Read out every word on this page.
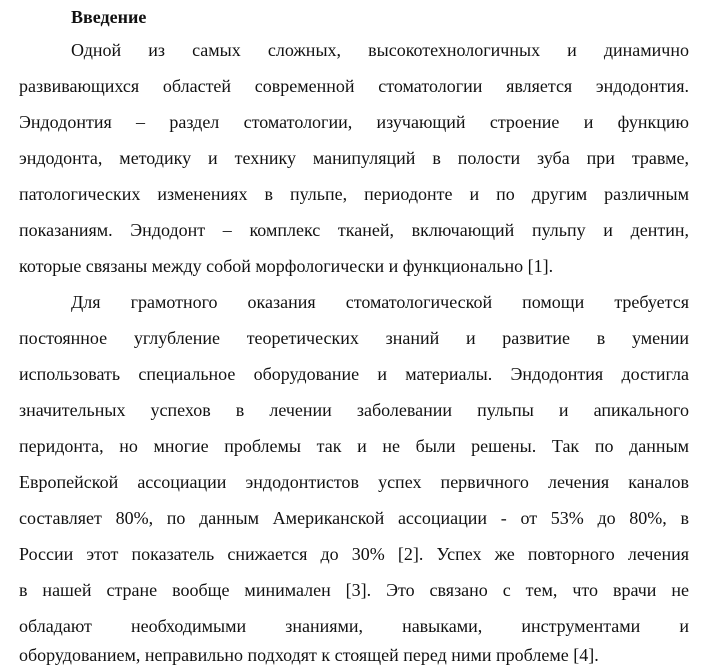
Введение
Одной из самых сложных, высокотехнологичных и динамично
развивающихся областей современной стоматологии является эндодонтия.
Эндодонтия – раздел стоматологии, изучающий строение и функцию
эндодонта, методику и технику манипуляций в полости зуба при травме,
патологических изменениях в пульпе, периодонте и по другим различным
показаниям. Эндодонт – комплекс тканей, включающий пульпу и дентин,
которые связаны между собой морфологически и функционально [1].
Для грамотного оказания стоматологической помощи требуется
постоянное углубление теоретических знаний и развитие в умении
использовать специальное оборудование и материалы. Эндодонтия достигла
значительных успехов в лечении заболевании пульпы и апикального
перидонта, но многие проблемы так и не были решены. Так по данным
Европейской ассоциации эндодонтистов успех первичного лечения каналов
составляет 80%, по данным Американской ассоциации - от 53% до 80%, в
России этот показатель снижается до 30% [2]. Успех же повторного лечения
в нашей стране вообще минимален [3]. Это связано с тем, что врачи не
обладают необходимыми знаниями, навыками, инструментами и
оборудованием, неправильно подходят к стоящей перед ними проблеме [4].
